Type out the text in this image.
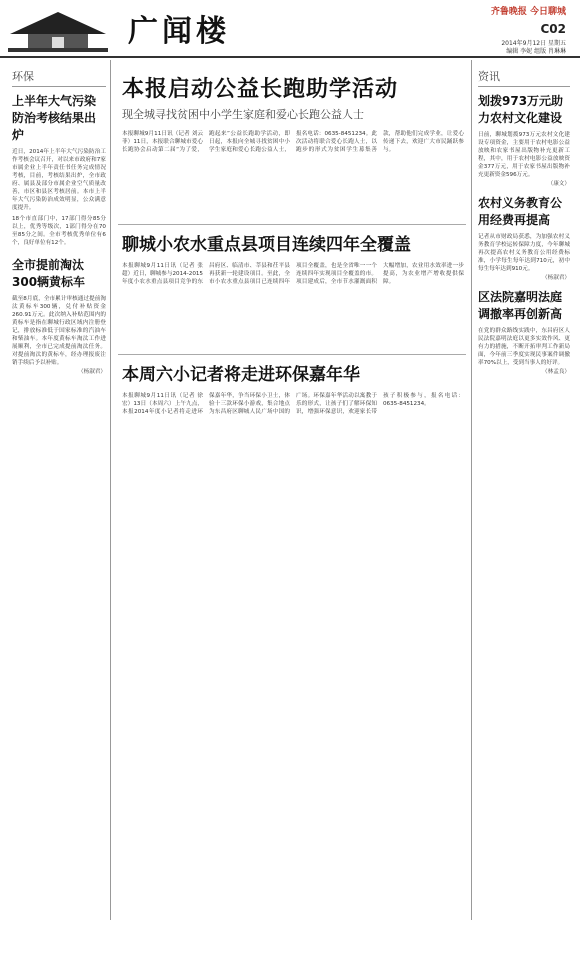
广闻楼
齐鲁晚报 今日聊城
C02
2014年9月12日 星期五
编辑 李妮 组版 肖琳琳
环保
上半年大气污染防治考核结果出炉
近日，2014年上半年大气污染防治工作考核会议召开，对以来市政府和7家市属企业上半年责任书任务完成情况考核，目前，考核结果出炉，全市政府、属县及部分市属企业空气质量改善，市区和县区考核居前。本市上半年大气污染防治成效明显，公众满意度提升。
18个市直部门中，17部门得分85分以上，优秀等级次，1部门得分在70至85分之间。全市考核优秀单位有6个，良好单位有12个。
全市提前淘汰300辆黄标车
截至8月底，全市累计审核通过提前淘汰黄标车300辆，兑付补贴资金260.91万元。此次纳入补贴范围内的黄标车是指在聊城行政区域内注册登记，排放标准低于国家标准的汽油车和柴油车。本年度黄标车淘汰工作进展顺利，全市已完成提前淘汰任务。对提前淘汰的黄标车，经办理报废注销手续后予以补贴。
（杨淑君）
本报启动公益长跑助学活动
现全城寻找贫困中小学生家庭和爱心长跑公益人士
本报聊城9月11日讯（记者 刘云菲）11日，本报联合聊城市爱心长跑协会启动第二届“为了爱，跑起来”公益长跑助学活动，即日起，本报向全城寻找贫困中小学生家庭和爱心长跑公益人士，报名电话：0635-8451234。此次活动将联合爱心长跑人士，以跑步的形式为贫困学生募集善款，帮助他们完成学业，让爱心传递下去，欢迎广大市民踊跃参与。
聊城小农水重点县项目连续四年全覆盖
本报聊城9月11日讯（记者 张超）近日，聊城参与2014-2015年度小农水重点县项目竞争的东昌府区、临清市、莘县和茌平县再获新一轮建设项目。至此，全市小农水重点县项目已连续四年项目全覆盖，也是全省唯一一个连续四年实现项目全覆盖的市。项目建成后，全市节水灌溉面积大幅增加，农业用水效率进一步提高，为农业增产增收提供保障。
本周六小记者将走进环保嘉年华
本报聊城9月11日讯（记者 徐宏）13日（本周六）上午九点，本报2014年度小记者将走进环保嘉年华，争当环保小卫士，体验十三款环保小游戏，集合地点为东昌府区聊城人民广场中国的广场。环保嘉年华活动以寓教于乐的形式，让孩子们了解环保知识，增强环保意识，欢迎家长带孩子积极参与，报名电话：0635-8451234。
资讯
划拨973万元助力农村文化建设
日前，聊城划拨973万元农村文化建设专项资金，主要用于农村电影公益放映和农家书屋出版物补充更新工程，其中，用于农村电影公益放映资金377万元，用于农家书屋出版物补充更新资金596万元。
（康文）
农村义务教育公用经费再提高
记者从市财政局获悉，为加强农村义务教育学校运转保障力度，今年聊城再次提高农村义务教育公用经费标准，小学每生每年达到710元，初中每生每年达到910元。
（杨淑君）
区法院嘉明法庭调撤率再创新高
在党的群众路线实践中，东昌府区人民法院嘉明法庭以更多实效作风、更有力的措施，不断开拓审判工作新局面，今年前三季度实现民事案件调撤率70%以上，受到当事人的好评。
（林孟良）
